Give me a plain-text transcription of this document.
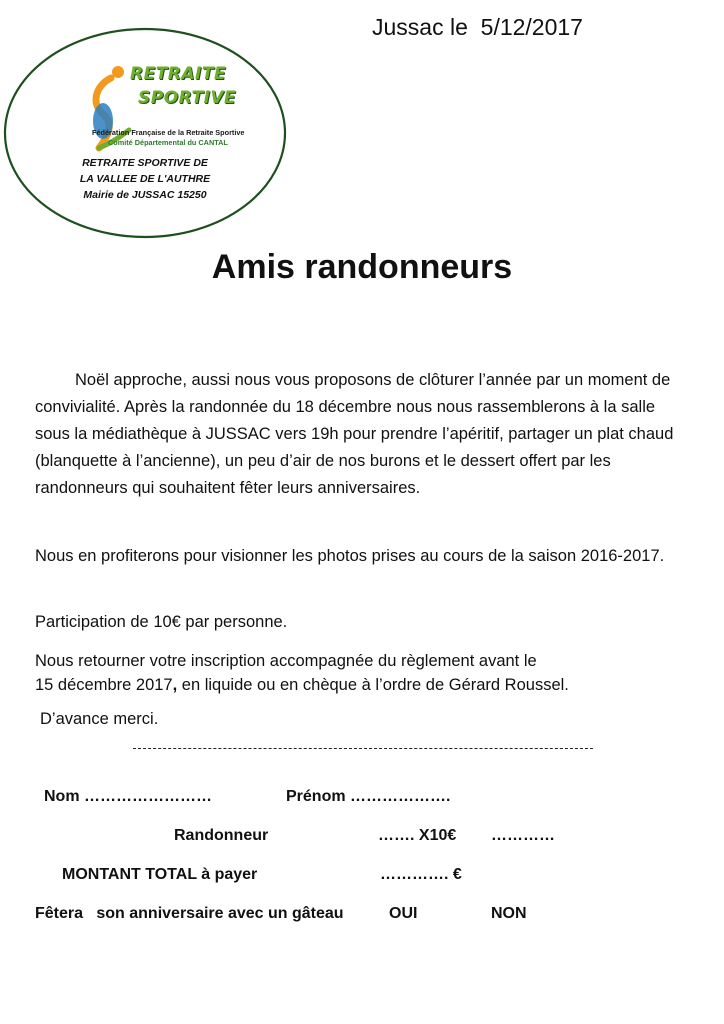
Jussac le  5/12/2017
RETRAITE
SPORTIVE
Fédération Française de la Retraite Sportive
Comité Départemental du CANTAL
RETRAITE SPORTIVE DE
LA VALLEE DE L'AUTHRE
Mairie de JUSSAC 15250
Amis randonneurs

Noël approche, aussi nous vous proposons de clôturer l’année par un moment de convivialité. Après la randonnée du 18 décembre nous nous rassemblerons à la salle sous la médiathèque à JUSSAC vers 19h pour prendre l’apéritif, partager un plat chaud (blanquette à l’ancienne), un peu d’air de nos burons et le dessert offert par les randonneurs qui souhaitent fêter leurs anniversaires.

Nous en profiterons pour visionner les photos prises au cours de la saison 2016-2017.

Participation de 10€ par personne.

Nous retourner votre inscription accompagnée du règlement avant le
15 décembre 2017, en liquide ou en chèque à l’ordre de Gérard Roussel.

D’avance merci.
Nom ……………………	Prénom ……………….
Randonneur	……. X10€ …………
MONTANT TOTAL à payer	…………. €
Fêtera   son anniversaire avec un gâteau	OUI	NON
